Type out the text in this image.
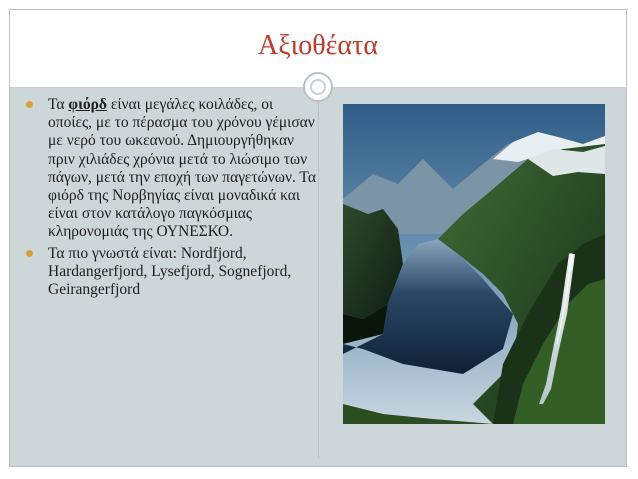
Αξιοθέατα
Τα φιόρδ είναι μεγάλες κοιλάδες, οι οποίες, με το πέρασμα του χρόνου γέμισαν με νερό του ωκεανού. Δημιουργήθηκαν πριν χιλιάδες χρόνια μετά το λιώσιμο των πάγων, μετά την εποχή των παγετώνων. Τα φιόρδ της Νορβηγίας είναι μοναδικά και είναι στον κατάλογο παγκόσμιας κληρονομιάς της ΟΥΝΕΣΚΟ.
Τα πιο γνωστά είναι: Nordfjord, Hardangerfjord, Lysefjord, Sognefjord, Geirangerfjord
